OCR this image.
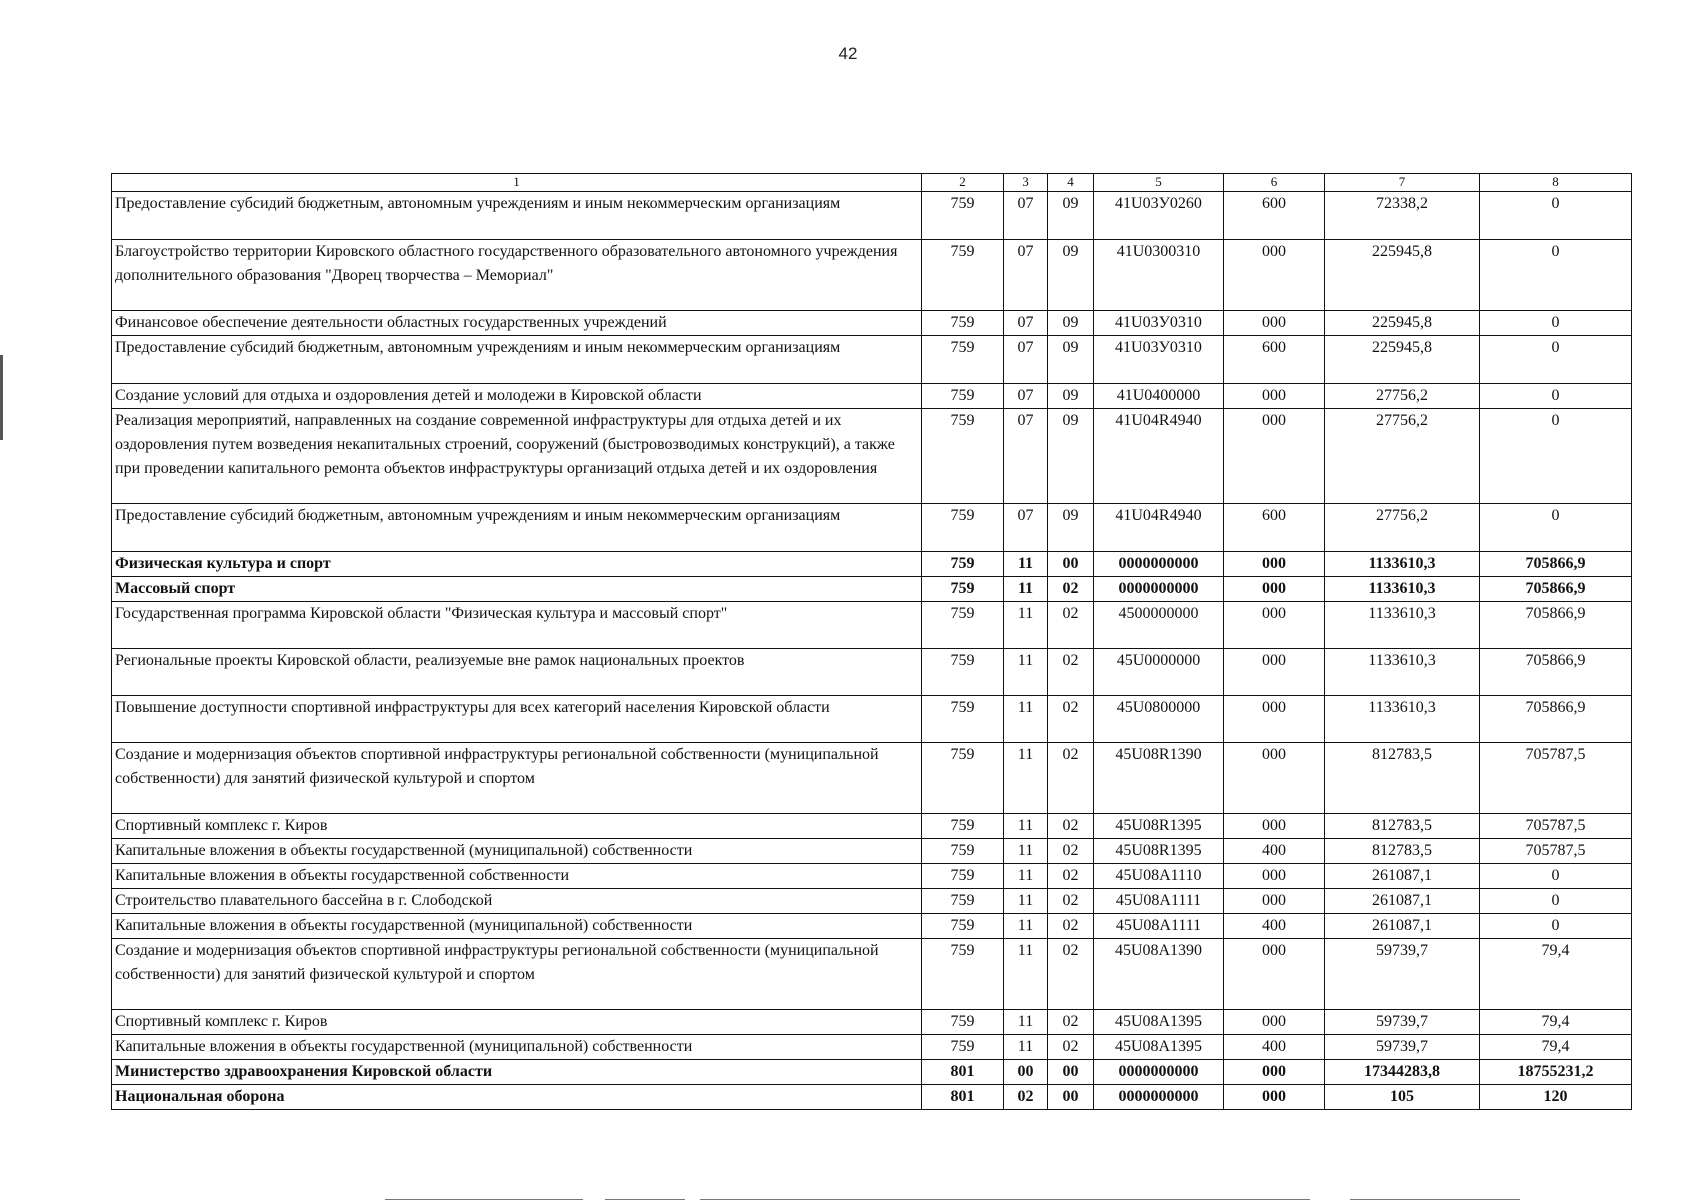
42
1	2	3	4	5	6	7	8
Предоставление субсидий бюджетным, автономным учреждениям и иным некоммерческим организациям	759	07	09	41U03У0260	600	72338,2	0
Благоустройство территории Кировского областного государственного образовательного автономного учреждения дополнительного образования "Дворец творчества – Мемориал"	759	07	09	41U0300310	000	225945,8	0
Финансовое обеспечение деятельности областных государственных учреждений	759	07	09	41U03У0310	000	225945,8	0
Предоставление субсидий бюджетным, автономным учреждениям и иным некоммерческим организациям	759	07	09	41U03У0310	600	225945,8	0
Создание условий для отдыха и оздоровления детей и молодежи в Кировской области	759	07	09	41U0400000	000	27756,2	0
Реализация мероприятий, направленных на создание современной инфраструктуры для отдыха детей и их оздоровления путем возведения некапитальных строений, сооружений (быстровозводимых конструкций), а также при проведении капитального ремонта объектов инфраструктуры организаций отдыха детей и их оздоровления	759	07	09	41U04R4940	000	27756,2	0
Предоставление субсидий бюджетным, автономным учреждениям и иным некоммерческим организациям	759	07	09	41U04R4940	600	27756,2	0
Физическая культура и спорт	759	11	00	0000000000	000	1133610,3	705866,9
Массовый спорт	759	11	02	0000000000	000	1133610,3	705866,9
Государственная программа Кировской области "Физическая культура и массовый спорт"	759	11	02	4500000000	000	1133610,3	705866,9
Региональные проекты Кировской области, реализуемые вне рамок национальных проектов	759	11	02	45U0000000	000	1133610,3	705866,9
Повышение доступности спортивной инфраструктуры для всех категорий населения Кировской области	759	11	02	45U0800000	000	1133610,3	705866,9
Создание и модернизация объектов спортивной инфраструктуры региональной собственности (муниципальной собственности) для занятий физической культурой и спортом	759	11	02	45U08R1390	000	812783,5	705787,5
Спортивный комплекс г. Киров	759	11	02	45U08R1395	000	812783,5	705787,5
Капитальные вложения в объекты государственной (муниципальной) собственности	759	11	02	45U08R1395	400	812783,5	705787,5
Капитальные вложения в объекты государственной собственности	759	11	02	45U08A1110	000	261087,1	0
Строительство плавательного бассейна в г. Слободской	759	11	02	45U08A1111	000	261087,1	0
Капитальные вложения в объекты государственной (муниципальной) собственности	759	11	02	45U08A1111	400	261087,1	0
Создание и модернизация объектов спортивной инфраструктуры региональной собственности (муниципальной собственности) для занятий физической культурой и спортом	759	11	02	45U08A1390	000	59739,7	79,4
Спортивный комплекс г. Киров	759	11	02	45U08A1395	000	59739,7	79,4
Капитальные вложения в объекты государственной (муниципальной) собственности	759	11	02	45U08A1395	400	59739,7	79,4
Министерство здравоохранения Кировской области	801	00	00	0000000000	000	17344283,8	18755231,2
Национальная оборона	801	02	00	0000000000	000	105	120
